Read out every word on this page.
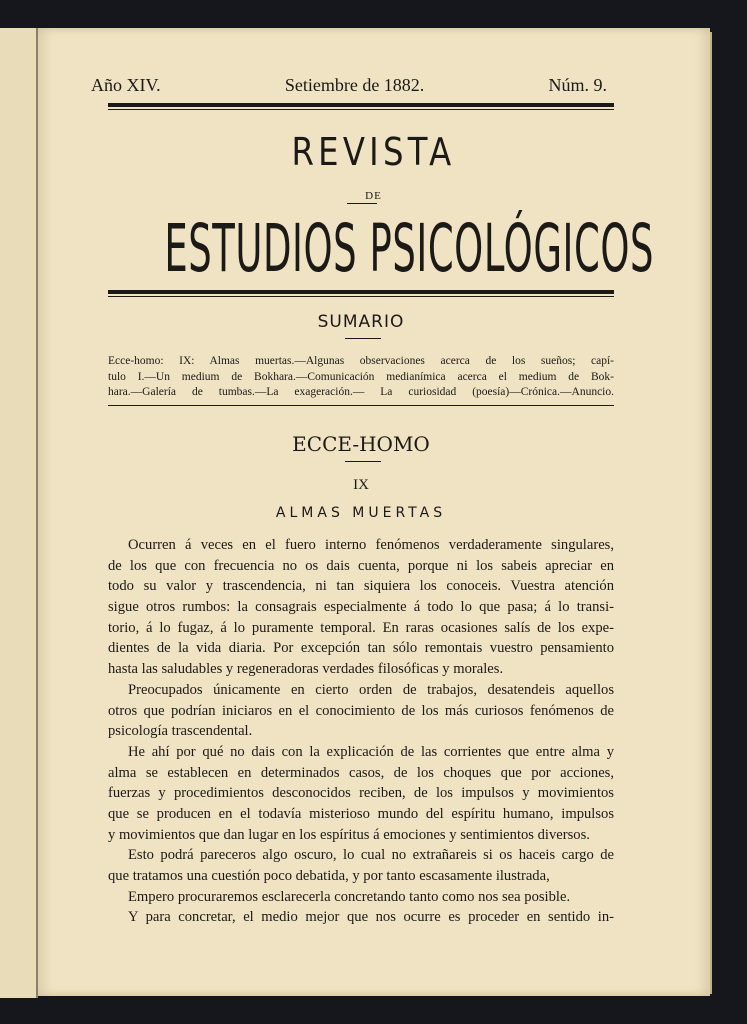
Año XIV.	Setiembre de 1882.	Núm. 9.
REVISTA
DE
ESTUDIOS PSICOLÓGICOS
SUMARIO
Ecce-homo: IX: Almas muertas.—Algunas observaciones acerca de los sueños; capí-
tulo I.—Un medium de Bokhara.—Comunicación medianímica acerca el medium de Bok-
hara.—Galería de tumbas.—La exageración.— La curiosidad (poesía)—Crónica.—Anuncio.
ECCE-HOMO
IX
ALMAS MUERTAS
Ocurren á veces en el fuero interno fenómenos verdaderamente singulares,
de los que con frecuencia no os dais cuenta, porque ni los sabeis apreciar en
todo su valor y trascendencia, ni tan siquiera los conoceis. Vuestra atención
sigue otros rumbos: la consagrais especialmente á todo lo que pasa; á lo transi-
torio, á lo fugaz, á lo puramente temporal. En raras ocasiones salís de los expe-
dientes de la vida diaria. Por excepción tan sólo remontais vuestro pensamiento
hasta las saludables y regeneradoras verdades filosóficas y morales.
Preocupados únicamente en cierto orden de trabajos, desatendeis aquellos
otros que podrían iniciaros en el conocimiento de los más curiosos fenómenos de
psicología trascendental.
He ahí por qué no dais con la explicación de las corrientes que entre alma y
alma se establecen en determinados casos, de los choques que por acciones,
fuerzas y procedimientos desconocidos reciben, de los impulsos y movimientos
que se producen en el todavía misterioso mundo del espíritu humano, impulsos
y movimientos que dan lugar en los espíritus á emociones y sentimientos diversos.
Esto podrá pareceros algo oscuro, lo cual no extrañareis si os haceis cargo de
que tratamos una cuestión poco debatida, y por tanto escasamente ilustrada,
Empero procuraremos esclarecerla concretando tanto como nos sea posible.
Y para concretar, el medio mejor que nos ocurre es proceder en sentido in-
